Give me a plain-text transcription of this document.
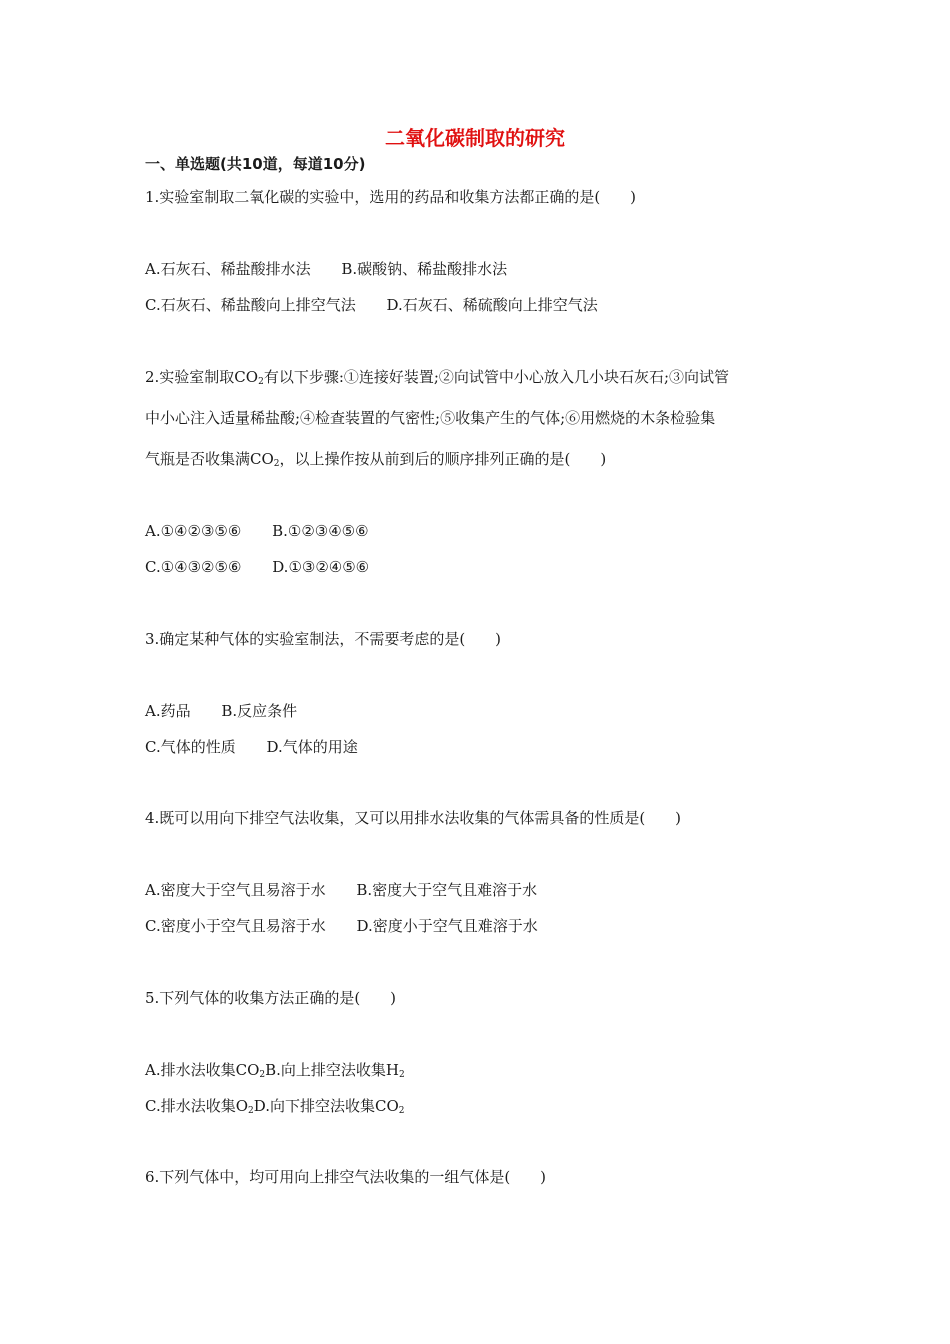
二氧化碳制取的研究
一、单选题(共10道，每道10分)
1.实验室制取二氧化碳的实验中，选用的药品和收集方法都正确的是(　　)
A.石灰石、稀盐酸排水法 B.碳酸钠、稀盐酸排水法
C.石灰石、稀盐酸向上排空气法 D.石灰石、稀硫酸向上排空气法
2.实验室制取$CO_2$有以下步骤:①连接好装置;②向试管中小心放入几小块石灰石;③向试管
中小心注入适量稀盐酸;④检查装置的气密性;⑤收集产生的气体;⑥用燃烧的木条检验集
气瓶是否收集满$CO_2$，以上操作按从前到后的顺序排列正确的是(　　)
A.①④②③⑤⑥ B.①②③④⑤⑥
C.①④③②⑤⑥ D.①③②④⑤⑥
3.确定某种气体的实验室制法，不需要考虑的是(　　)
A.药品 B.反应条件
C.气体的性质 D.气体的用途
4.既可以用向下排空气法收集，又可以用排水法收集的气体需具备的性质是(　　)
A.密度大于空气且易溶于水 B.密度大于空气且难溶于水
C.密度小于空气且易溶于水 D.密度小于空气且难溶于水
5.下列气体的收集方法正确的是(　　)
A.排水法收集$CO_2B$.向上排空法收集$H_2$
C.排水法收集$O_2D$.向下排空法收集$CO_2$
6.下列气体中，均可用向上排空气法收集的一组气体是(　　)
